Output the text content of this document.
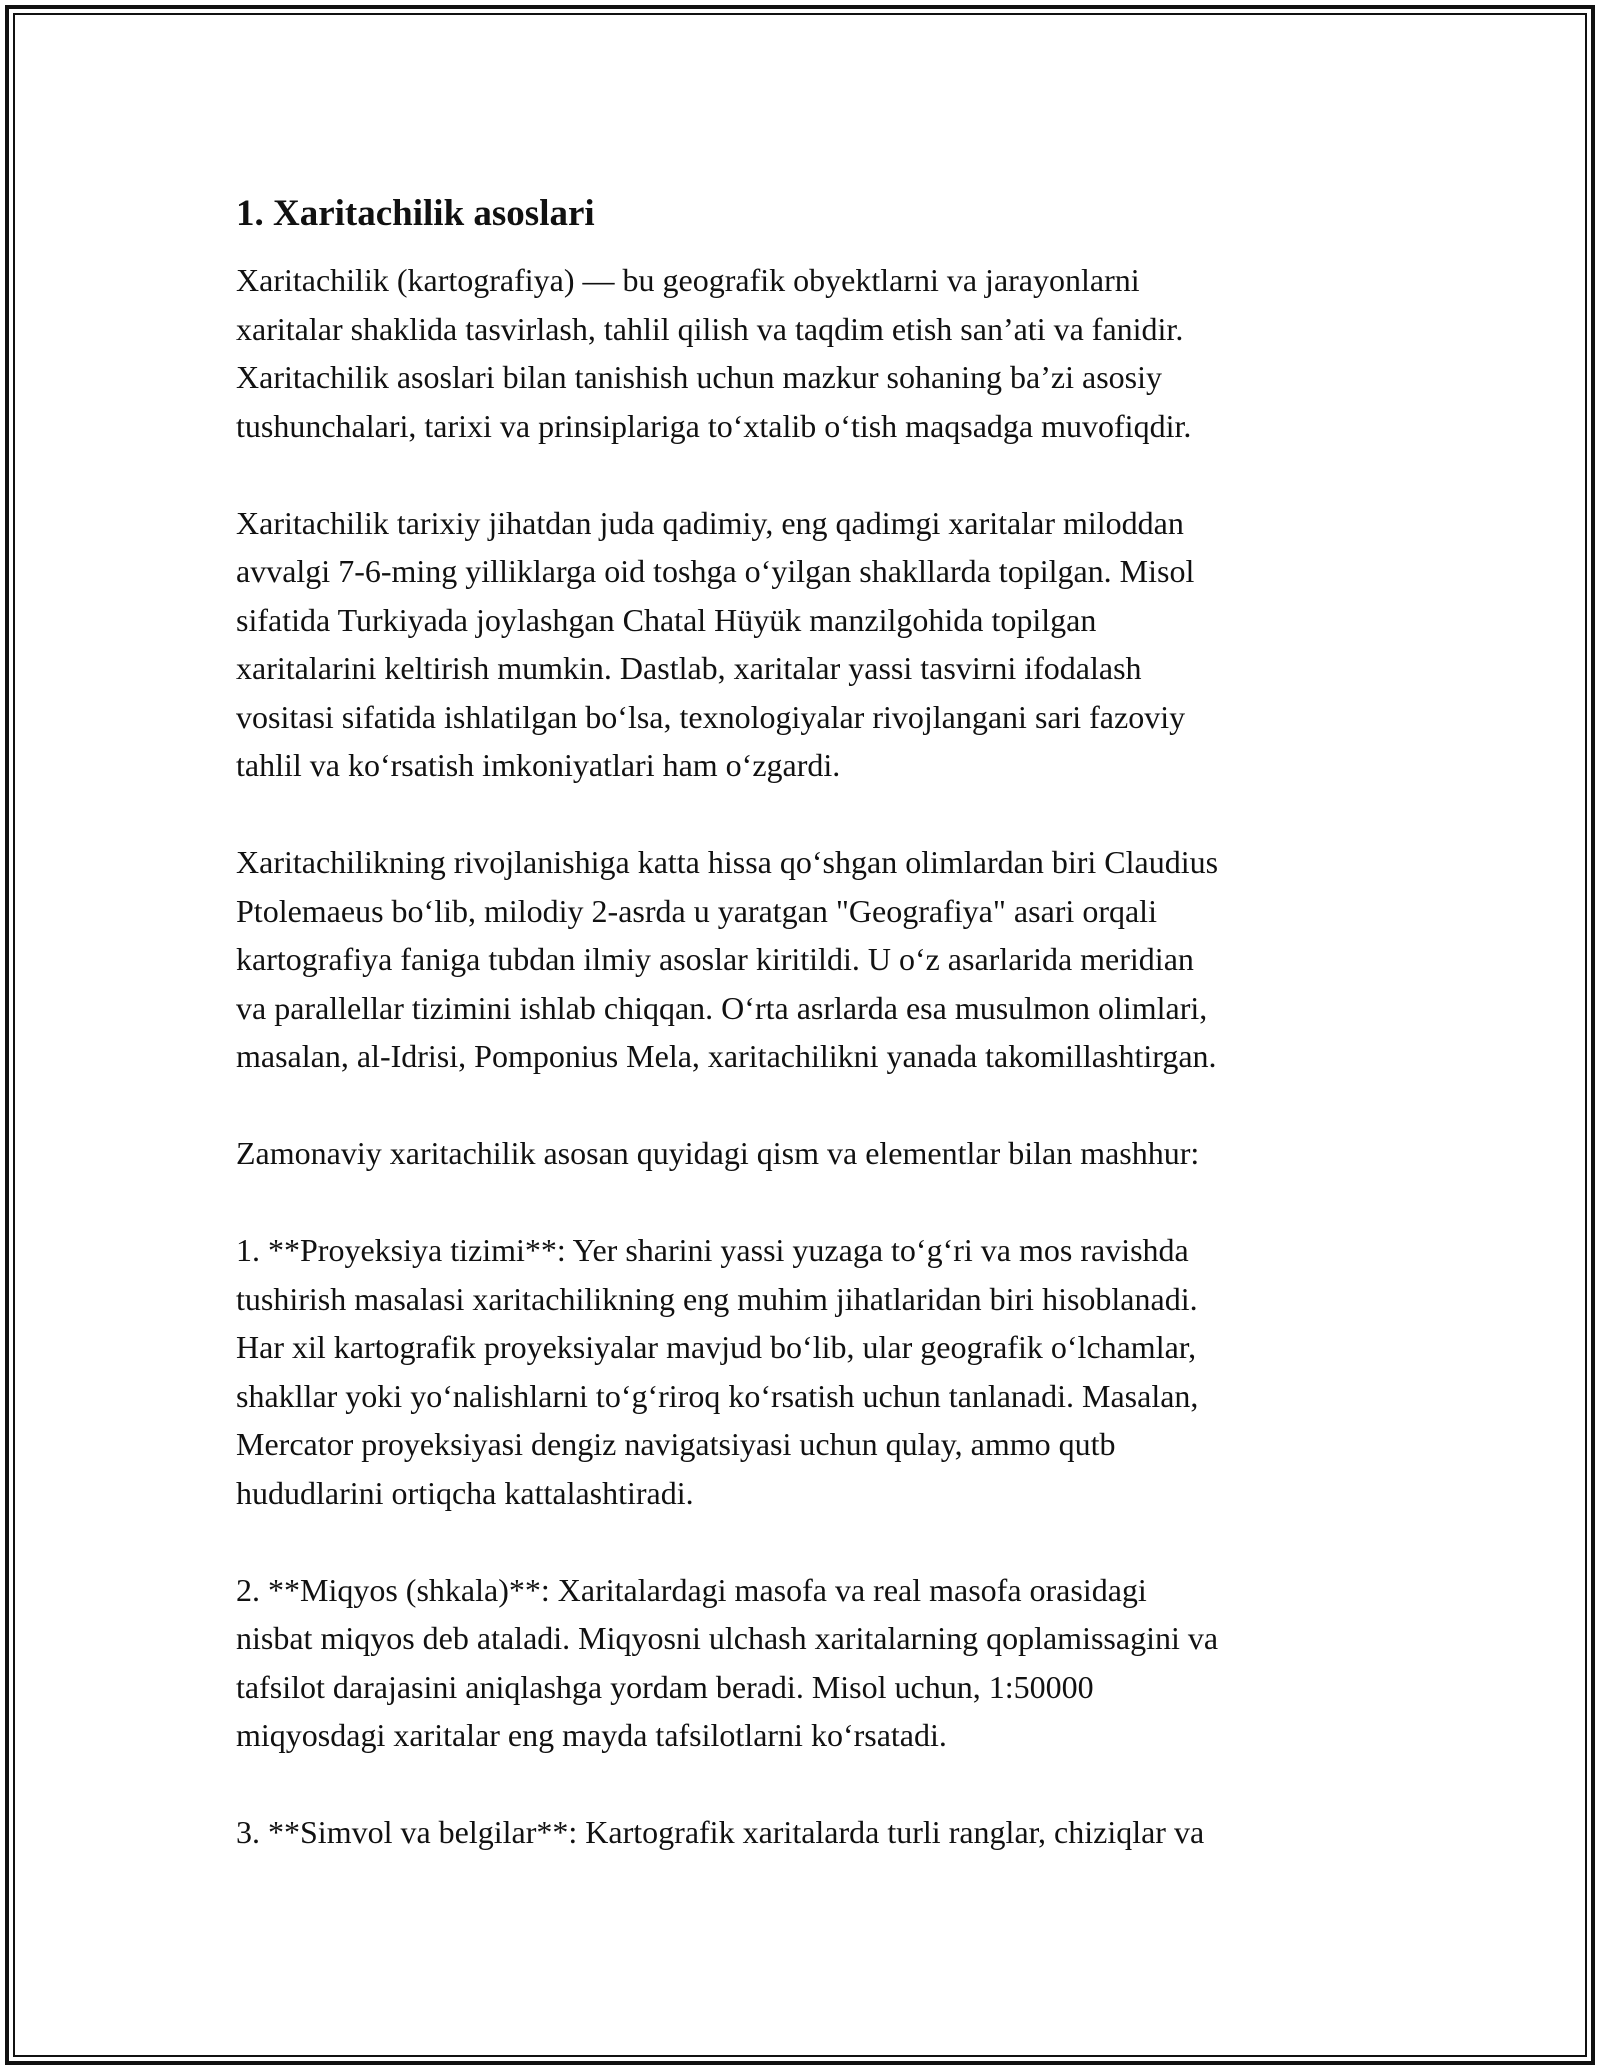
1. Xaritachilik asoslari
Xaritachilik (kartografiya) — bu geografik obyektlarni va jarayonlarni
xaritalar shaklida tasvirlash, tahlil qilish va taqdim etish san’ati va fanidir.
Xaritachilik asoslari bilan tanishish uchun mazkur sohaning ba’zi asosiy
tushunchalari, tarixi va prinsiplariga to‘xtalib o‘tish maqsadga muvofiqdir.
Xaritachilik tarixiy jihatdan juda qadimiy, eng qadimgi xaritalar miloddan
avvalgi 7-6-ming yilliklarga oid toshga o‘yilgan shakllarda topilgan. Misol
sifatida Turkiyada joylashgan Chatal Hüyük manzilgohida topilgan
xaritalarini keltirish mumkin. Dastlab, xaritalar yassi tasvirni ifodalash
vositasi sifatida ishlatilgan bo‘lsa, texnologiyalar rivojlangani sari fazoviy
tahlil va ko‘rsatish imkoniyatlari ham o‘zgardi.
Xaritachilikning rivojlanishiga katta hissa qo‘shgan olimlardan biri Claudius
Ptolemaeus bo‘lib, milodiy 2-asrda u yaratgan "Geografiya" asari orqali
kartografiya faniga tubdan ilmiy asoslar kiritildi. U o‘z asarlarida meridian
va parallellar tizimini ishlab chiqqan. O‘rta asrlarda esa musulmon olimlari,
masalan, al-Idrisi, Pomponius Mela, xaritachilikni yanada takomillashtirgan.
Zamonaviy xaritachilik asosan quyidagi qism va elementlar bilan mashhur:
1. **Proyeksiya tizimi**: Yer sharini yassi yuzaga to‘g‘ri va mos ravishda
tushirish masalasi xaritachilikning eng muhim jihatlaridan biri hisoblanadi.
Har xil kartografik proyeksiyalar mavjud bo‘lib, ular geografik o‘lchamlar,
shakllar yoki yo‘nalishlarni to‘g‘riroq ko‘rsatish uchun tanlanadi. Masalan,
Mercator proyeksiyasi dengiz navigatsiyasi uchun qulay, ammo qutb
hududlarini ortiqcha kattalashtiradi.
2. **Miqyos (shkala)**: Xaritalardagi masofa va real masofa orasidagi
nisbat miqyos deb ataladi. Miqyosni ulchash xaritalarning qoplamissagini va
tafsilot darajasini aniqlashga yordam beradi. Misol uchun, 1:50000
miqyosdagi xaritalar eng mayda tafsilotlarni ko‘rsatadi.
3. **Simvol va belgilar**: Kartografik xaritalarda turli ranglar, chiziqlar va
